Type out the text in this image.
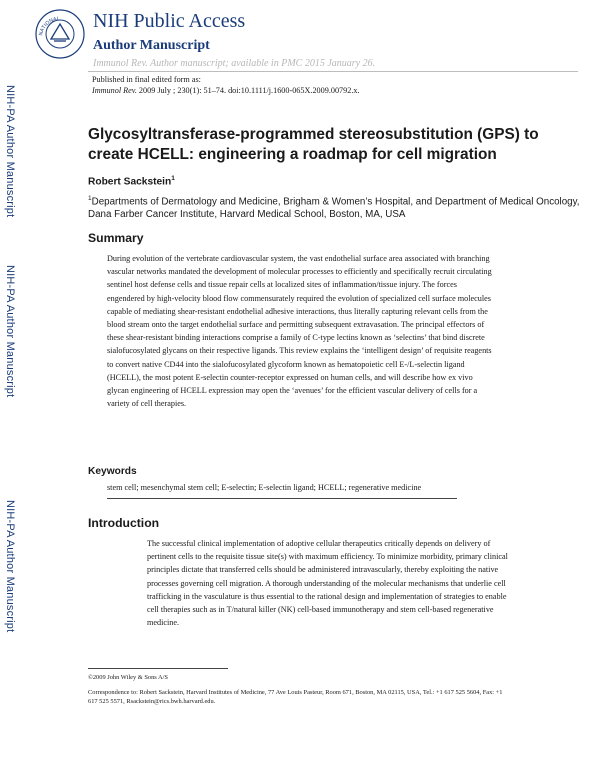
NATIONAL NIH Public Access
Author Manuscript
Immunol Rev. Author manuscript; available in PMC 2015 January 26.
Published in final edited form as:
Immunol Rev. 2009 July ; 230(1): 51–74. doi:10.1111/j.1600-065X.2009.00792.x.
NIH-PA Author Manuscript
NIH-PA Author Manuscript
NIH-PA Author Manuscript
Glycosyltransferase-programmed stereosubstitution (GPS) to create HCELL: engineering a roadmap for cell migration
Robert Sackstein$^1$
$^1$Departments of Dermatology and Medicine, Brigham & Women’s Hospital, and Department of Medical Oncology, Dana Farber Cancer Institute, Harvard Medical School, Boston, MA, USA
Summary
During evolution of the vertebrate cardiovascular system, the vast endothelial surface area associated with branching vascular networks mandated the development of molecular processes to efficiently and specifically recruit circulating sentinel host defense cells and tissue repair cells at localized sites of inflammation/tissue injury. The forces engendered by high-velocity blood flow commensurately required the evolution of specialized cell surface molecules capable of mediating shear-resistant endothelial adhesive interactions, thus literally capturing relevant cells from the blood stream onto the target endothelial surface and permitting subsequent extravasation. The principal effectors of these shear-resistant binding interactions comprise a family of C-type lectins known as ‘selectins’ that bind discrete sialofucosylated glycans on their respective ligands. This review explains the ‘intelligent design’ of requisite reagents to convert native CD44 into the sialofucosylated glycoform known as hematopoietic cell E-/L-selectin ligand (HCELL), the most potent E-selectin counter-receptor expressed on human cells, and will describe how ex vivo glycan engineering of HCELL expression may open the ‘avenues’ for the efficient vascular delivery of cells for a variety of cell therapies.
Keywords
stem cell; mesenchymal stem cell; E-selectin; E-selectin ligand; HCELL; regenerative medicine
Introduction
The successful clinical implementation of adoptive cellular therapeutics critically depends on delivery of pertinent cells to the requisite tissue site(s) with maximum efficiency. To minimize morbidity, primary clinical principles dictate that transferred cells should be administered intravascularly, thereby exploiting the native processes governing cell migration. A thorough understanding of the molecular mechanisms that underlie cell trafficking in the vasculature is thus essential to the rational design and implementation of strategies to enable cell therapies such as in T/natural killer (NK) cell-based immunotherapy and stem cell-based regenerative medicine.
©2009 John Wiley & Sons A/S
Correspondence to: Robert Sackstein, Harvard Institutes of Medicine, 77 Ave Louis Pasteur, Room 671, Boston, MA 02115, USA, Tel.: +1 617 525 5604, Fax: +1 617 525 5571, Rsackstein@rics.bwh.harvard.edu.
